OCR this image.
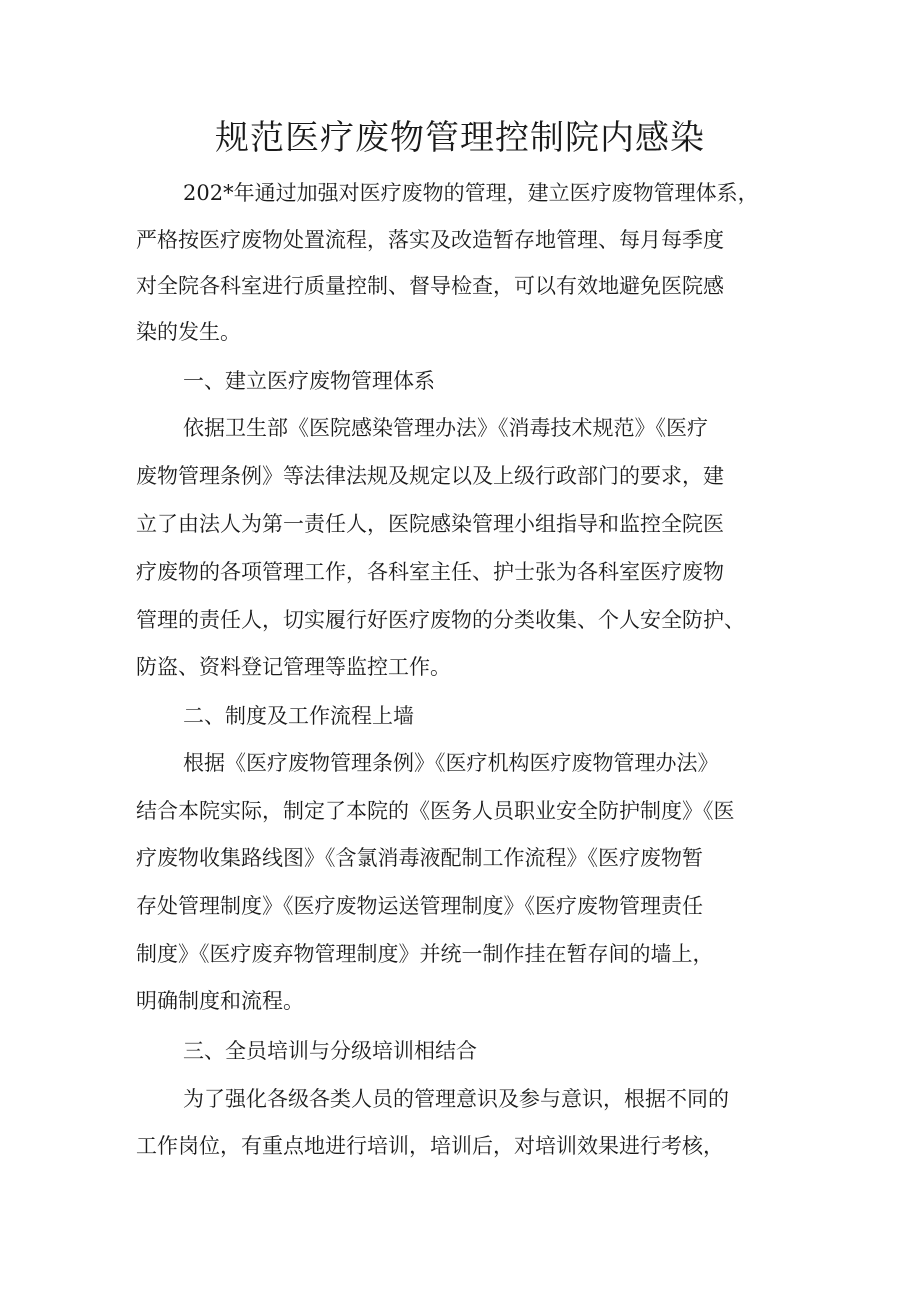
规范医疗废物管理控制院内感染

202*年通过加强对医疗废物的管理，建立医疗废物管理体系，

严格按医疗废物处置流程，落实及改造暂存地管理、每月每季度

对全院各科室进行质量控制、督导检查，可以有效地避免医院感

染的发生。

一、建立医疗废物管理体系

依据卫生部《医院感染管理办法》《消毒技术规范》《医疗

废物管理条例》等法律法规及规定以及上级行政部门的要求，建

立了由法人为第一责任人，医院感染管理小组指导和监控全院医

疗废物的各项管理工作，各科室主任、护士张为各科室医疗废物

管理的责任人，切实履行好医疗废物的分类收集、个人安全防护、

防盗、资料登记管理等监控工作。

二、制度及工作流程上墙

根据《医疗废物管理条例》《医疗机构医疗废物管理办法》

结合本院实际，制定了本院的《医务人员职业安全防护制度》《医

疗废物收集路线图》《含氯消毒液配制工作流程》《医疗废物暂

存处管理制度》《医疗废物运送管理制度》《医疗废物管理责任

制度》《医疗废弃物管理制度》并统一制作挂在暂存间的墙上，

明确制度和流程。

三、全员培训与分级培训相结合

为了强化各级各类人员的管理意识及参与意识，根据不同的

工作岗位，有重点地进行培训，培训后，对培训效果进行考核，
